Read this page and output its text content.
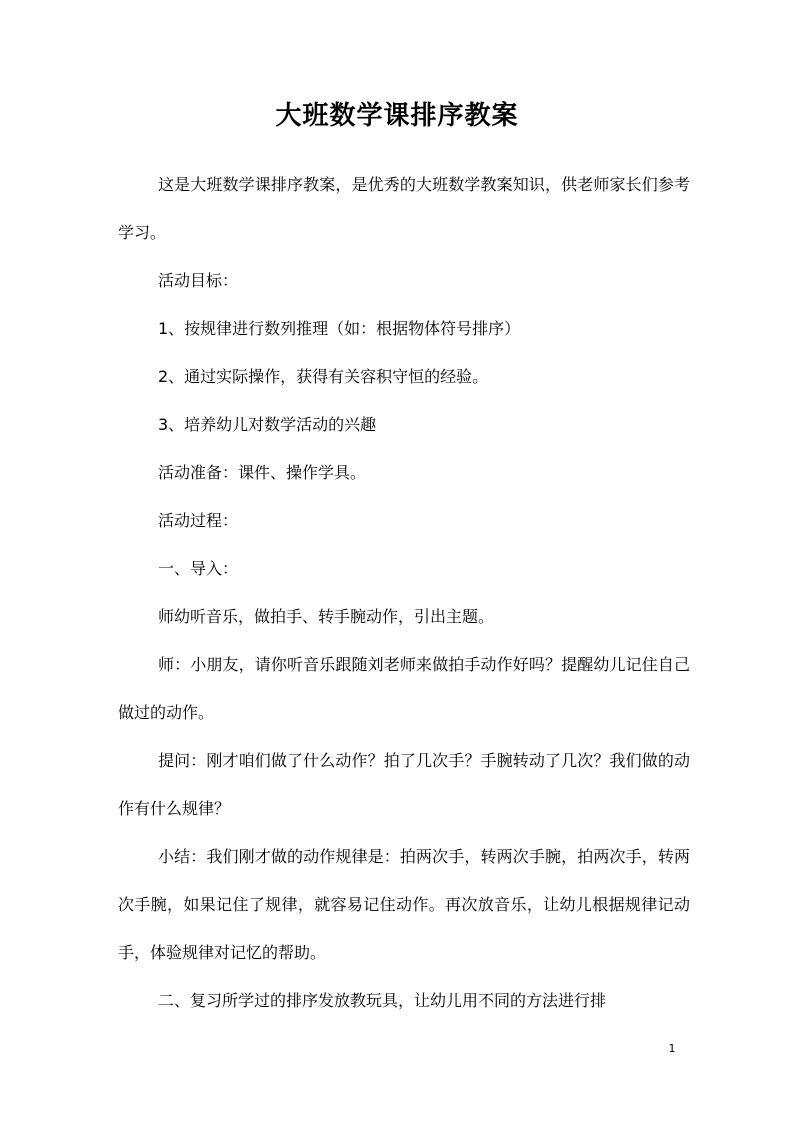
大班数学课排序教案

这是大班数学课排序教案，是优秀的大班数学教案知识，供老师家长们参考学习。

活动目标：

1、按规律进行数列推理（如：根据物体符号排序）

2、通过实际操作，获得有关容积守恒的经验。

3、培养幼儿对数学活动的兴趣

活动准备：课件、操作学具。

活动过程：

一、导入：

师幼听音乐，做拍手、转手腕动作，引出主题。

师：小朋友，请你听音乐跟随刘老师来做拍手动作好吗？提醒幼儿记住自己做过的动作。

提问：刚才咱们做了什么动作？拍了几次手？手腕转动了几次？我们做的动作有什么规律？

小结：我们刚才做的动作规律是：拍两次手，转两次手腕，拍两次手，转两次手腕，如果记住了规律，就容易记住动作。再次放音乐，让幼儿根据规律记动手，体验规律对记忆的帮助。

二、复习所学过的排序发放教玩具，让幼儿用不同的方法进行排

1
